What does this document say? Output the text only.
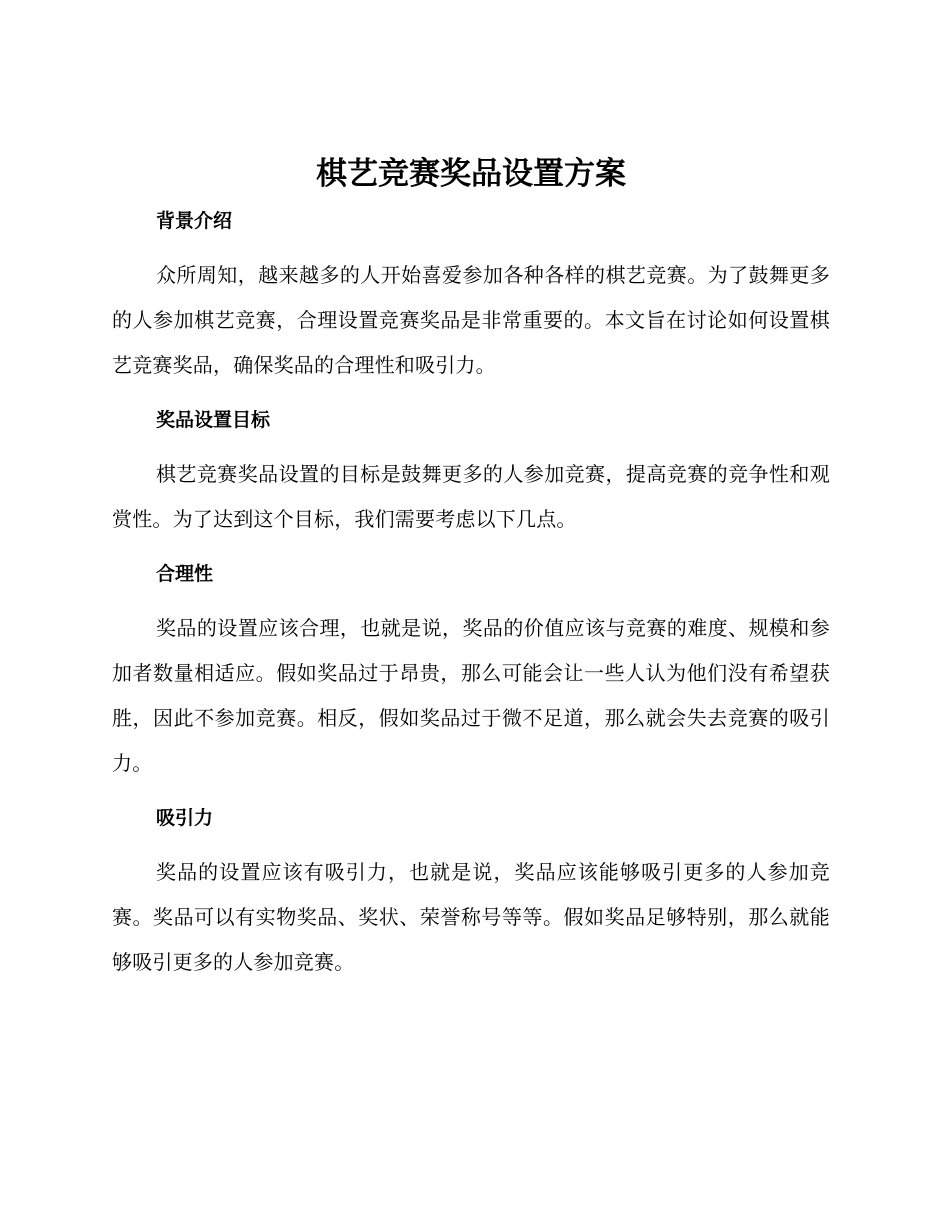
棋艺竞赛奖品设置方案
背景介绍

众所周知，越来越多的人开始喜爱参加各种各样的棋艺竞赛。为了鼓舞更多的人参加棋艺竞赛，合理设置竞赛奖品是非常重要的。本文旨在讨论如何设置棋艺竞赛奖品，确保奖品的合理性和吸引力。

奖品设置目标

棋艺竞赛奖品设置的目标是鼓舞更多的人参加竞赛，提高竞赛的竞争性和观赏性。为了达到这个目标，我们需要考虑以下几点。

合理性

奖品的设置应该合理，也就是说，奖品的价值应该与竞赛的难度、规模和参加者数量相适应。假如奖品过于昂贵，那么可能会让一些人认为他们没有希望获胜，因此不参加竞赛。相反，假如奖品过于微不足道，那么就会失去竞赛的吸引力。

吸引力

奖品的设置应该有吸引力，也就是说，奖品应该能够吸引更多的人参加竞赛。奖品可以有实物奖品、奖状、荣誉称号等等。假如奖品足够特别，那么就能够吸引更多的人参加竞赛。
